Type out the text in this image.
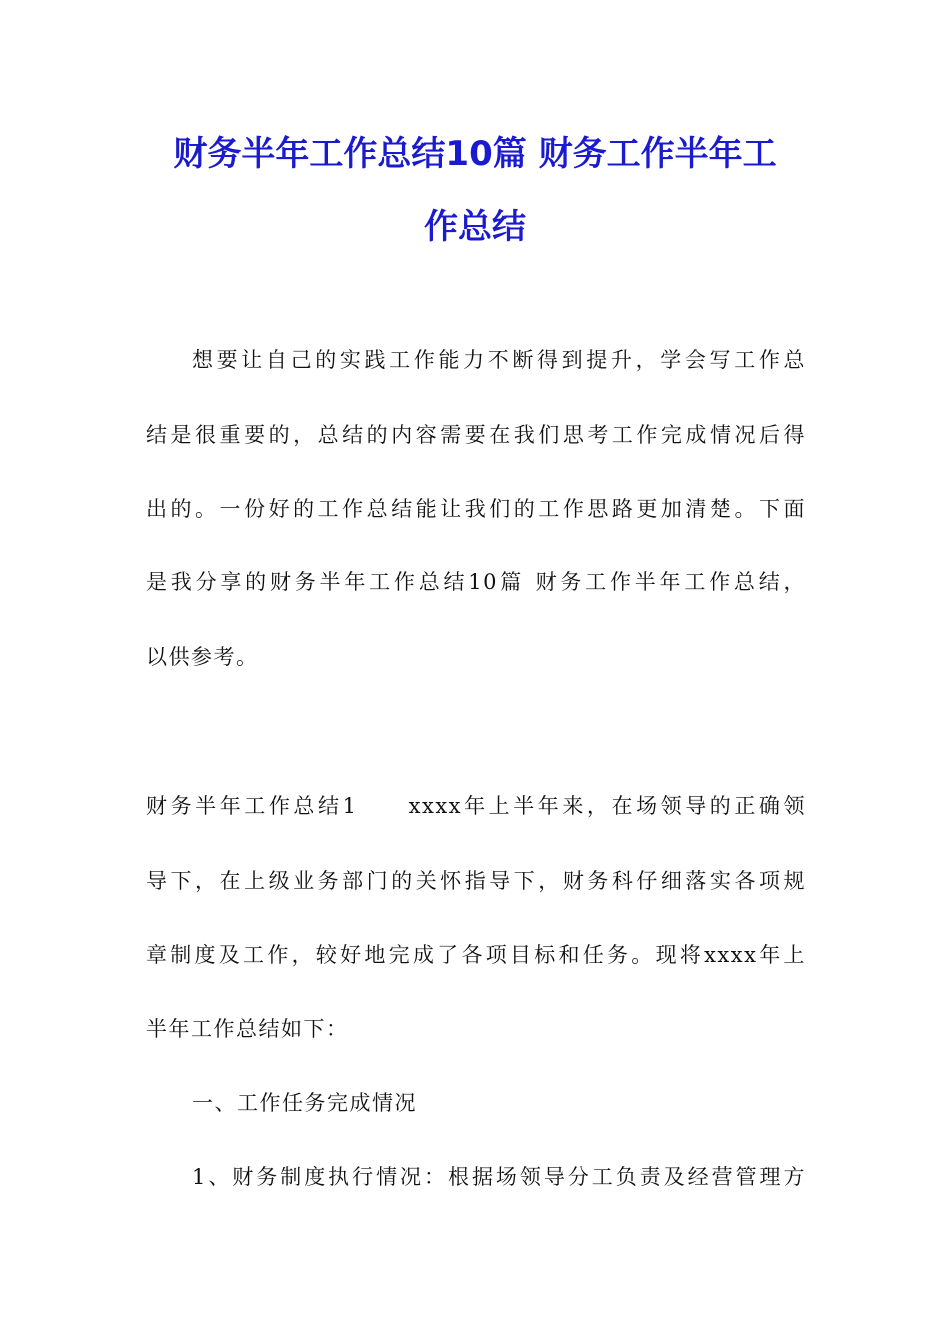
财务半年工作总结10篇 财务工作半年工
作总结
想要让自己的实践工作能力不断得到提升，学会写工作总
结是很重要的，总结的内容需要在我们思考工作完成情况后得
出的。一份好的工作总结能让我们的工作思路更加清楚。下面
是我分享的财务半年工作总结10篇 财务工作半年工作总结，
以供参考。
财务半年工作总结1　　xxxx年上半年来，在场领导的正确领
导下，在上级业务部门的关怀指导下，财务科仔细落实各项规
章制度及工作，较好地完成了各项目标和任务。现将xxxx年上
半年工作总结如下：
一、工作任务完成情况
1、财务制度执行情况：根据场领导分工负责及经营管理方
